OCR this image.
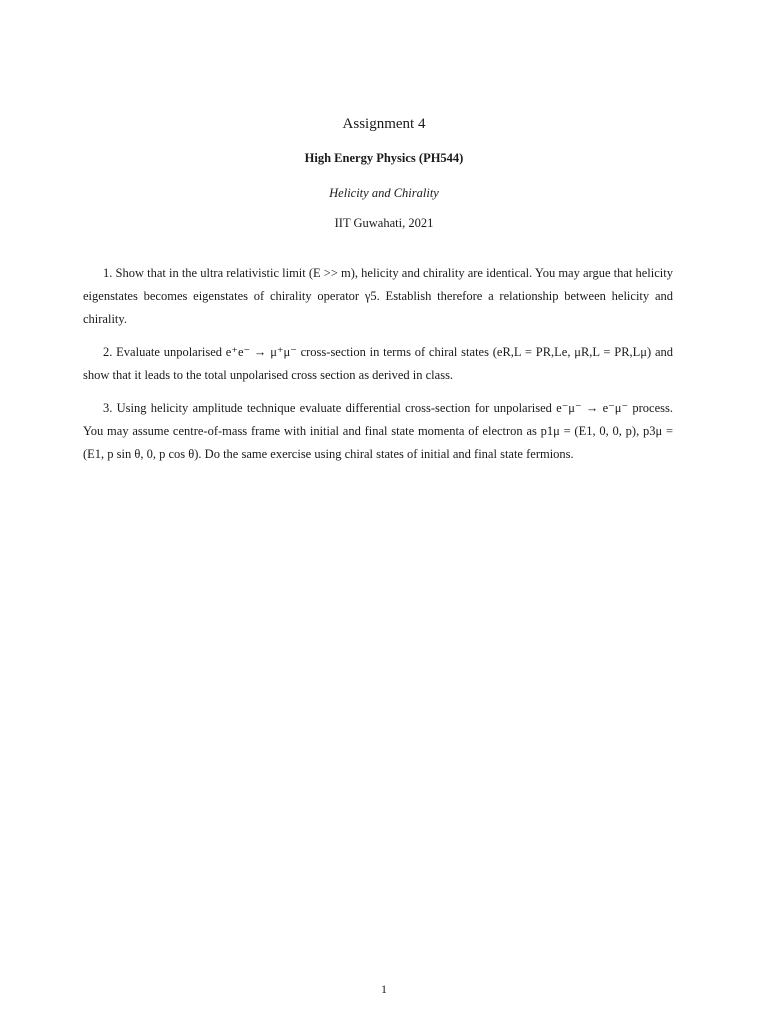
Assignment 4
High Energy Physics (PH544)
Helicity and Chirality
IIT Guwahati, 2021

1. Show that in the ultra relativistic limit (E >> m), helicity and chirality are identical. You may argue that helicity eigenstates becomes eigenstates of chirality operator γ5. Establish therefore a relationship between helicity and chirality.

2. Evaluate unpolarised e⁺e⁻ → μ⁺μ⁻ cross-section in terms of chiral states (eR,L = PR,Le, μR,L = PR,Lμ) and show that it leads to the total unpolarised cross section as derived in class.

3. Using helicity amplitude technique evaluate differential cross-section for unpolarised e⁻μ⁻ → e⁻μ⁻ process. You may assume centre-of-mass frame with initial and final state momenta of electron as p1μ = (E1, 0, 0, p), p3μ = (E1, p sin θ, 0, p cos θ). Do the same exercise using chiral states of initial and final state fermions.

1
